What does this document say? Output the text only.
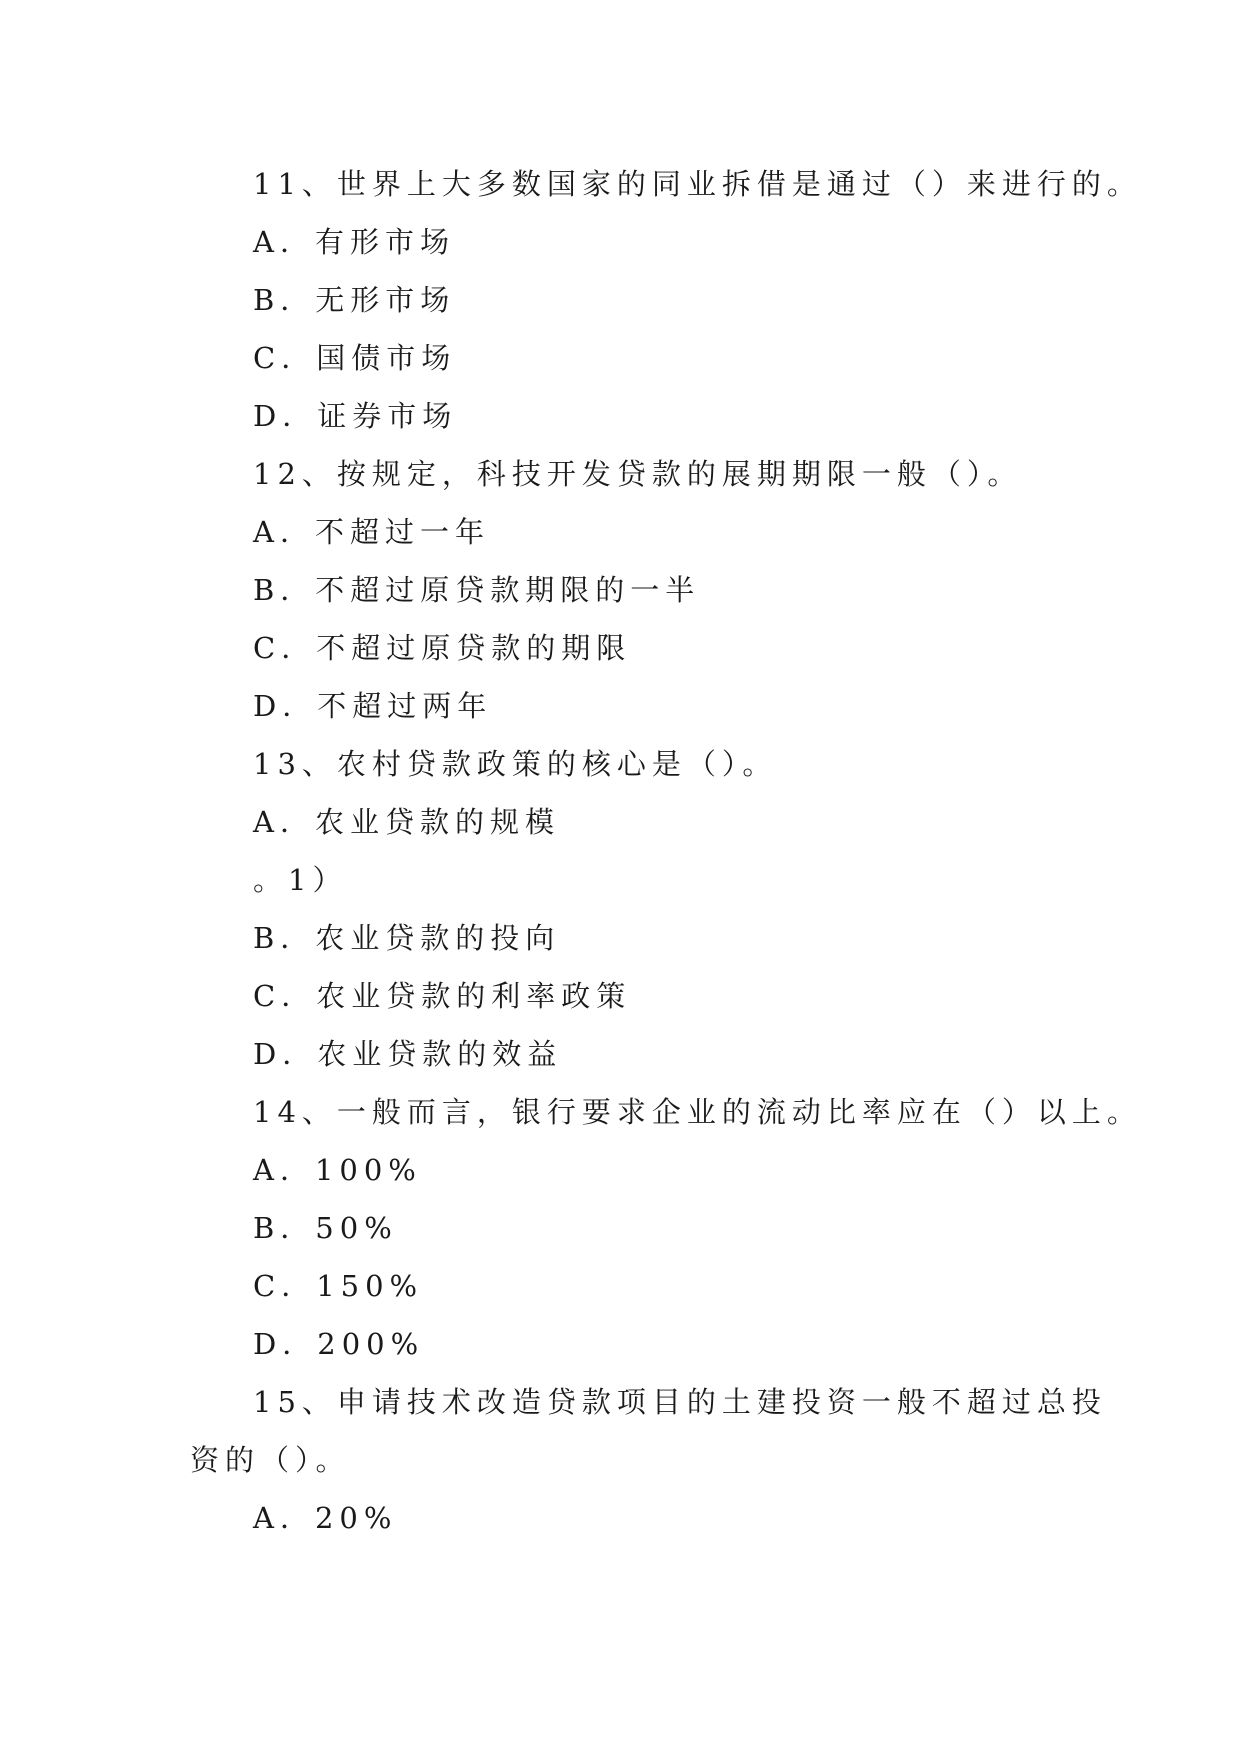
11、世界上大多数国家的同业拆借是通过（）来进行的。
A．有形市场
B．无形市场
C．国债市场
D．证券市场
12、按规定，科技开发贷款的展期期限一般（）。
A．不超过一年
B．不超过原贷款期限的一半
C．不超过原贷款的期限
D．不超过两年
13、农村贷款政策的核心是（）。
A．农业贷款的规模
。1）
B．农业贷款的投向
C．农业贷款的利率政策
D．农业贷款的效益
14、一般而言，银行要求企业的流动比率应在（）以上。
A．100%
B．50%
C．150%
D．200%
15、申请技术改造贷款项目的土建投资一般不超过总投
资的（）。
A．20%
